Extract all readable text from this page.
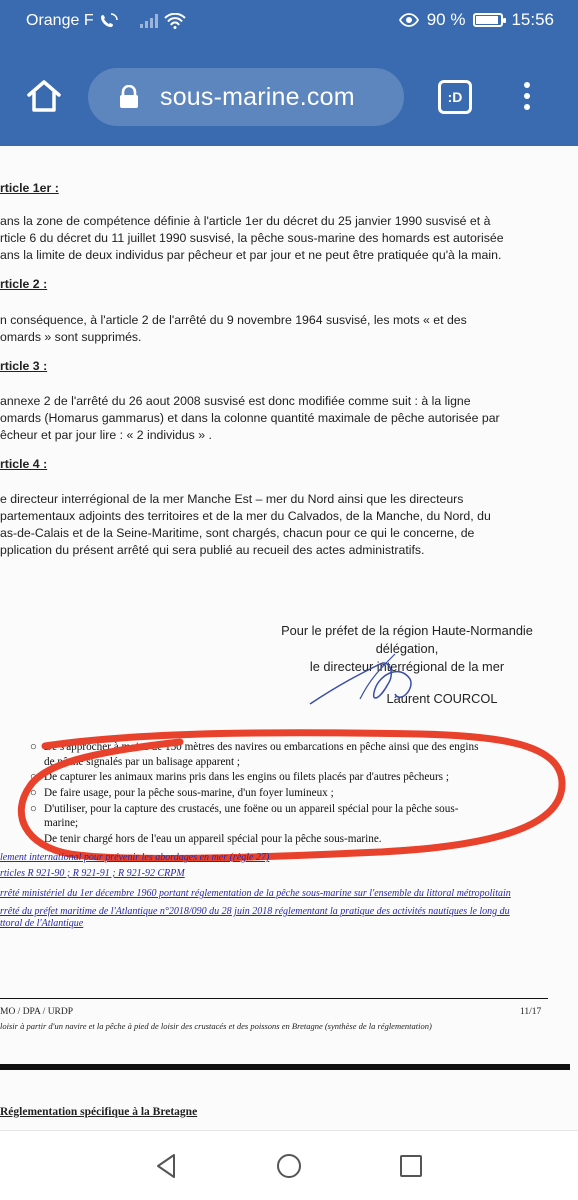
Orange F	90 %	15:56
sous-marine.com	:D
rticle 1er :
ans la zone de compétence définie à l'article 1er du décret du 25 janvier 1990 susvisé et à
rticle 6 du décret du 11 juillet 1990 susvisé, la pêche sous-marine des homards est autorisée
ans la limite de deux individus par pêcheur et par jour et ne peut être pratiquée qu'à la main.
rticle 2 :
n conséquence, à l'article 2 de l'arrêté du 9 novembre 1964 susvisé, les mots « et des
omards » sont supprimés.
rticle 3 :
annexe 2 de l'arrêté du 26 aout 2008 susvisé est donc modifiée comme suit : à la ligne
omards (Homarus gammarus) et dans la colonne quantité maximale de pêche autorisée par
êcheur et par jour lire : « 2 individus » .
rticle 4 :
e directeur interrégional de la mer Manche Est – mer du Nord ainsi que les directeurs
partementaux adjoints des territoires et de la mer du Calvados, de la Manche, du Nord, du
as-de-Calais et de la Seine-Maritime, sont chargés, chacun pour ce qui le concerne, de
pplication du présent arrêté qui sera publié au recueil des actes administratifs.
Pour le préfet de la région Haute-Normandie
délégation,
le directeur interrégional de la mer
Laurent COURCOL
○ De s'approcher à moins de 150 mètres des navires ou embarcations en pêche ainsi que des engins
de pêche signalés par un balisage apparent ;
○ De capturer les animaux marins pris dans les engins ou filets placés par d'autres pêcheurs ;
○ De faire usage, pour la pêche sous-marine, d'un foyer lumineux ;
○ D'utiliser, pour la capture des crustacés, une foëne ou un appareil spécial pour la pêche sous-
marine;
○ De tenir chargé hors de l'eau un appareil spécial pour la pêche sous-marine.
lement international pour prévenir les abordages en mer (règle 27)
rticles R 921-90 ; R 921-91 ; R 921-92 CRPM
rrêté ministériel du 1er décembre 1960 portant réglementation de la pêche sous-marine sur l'ensemble du littoral métropolitain
rrêté du préfet maritime de l'Atlantique n°2018/090 du 28 juin 2018 réglementant la pratique des activités nautiques le long du
ttoral de l'Atlantique
MO / DPA / URDP	11/17
loisir à partir d'un navire et la pêche à pied de loisir des crustacés et des poissons en Bretagne (synthèse de la réglementation)
Réglementation spécifique à la Bretagne
